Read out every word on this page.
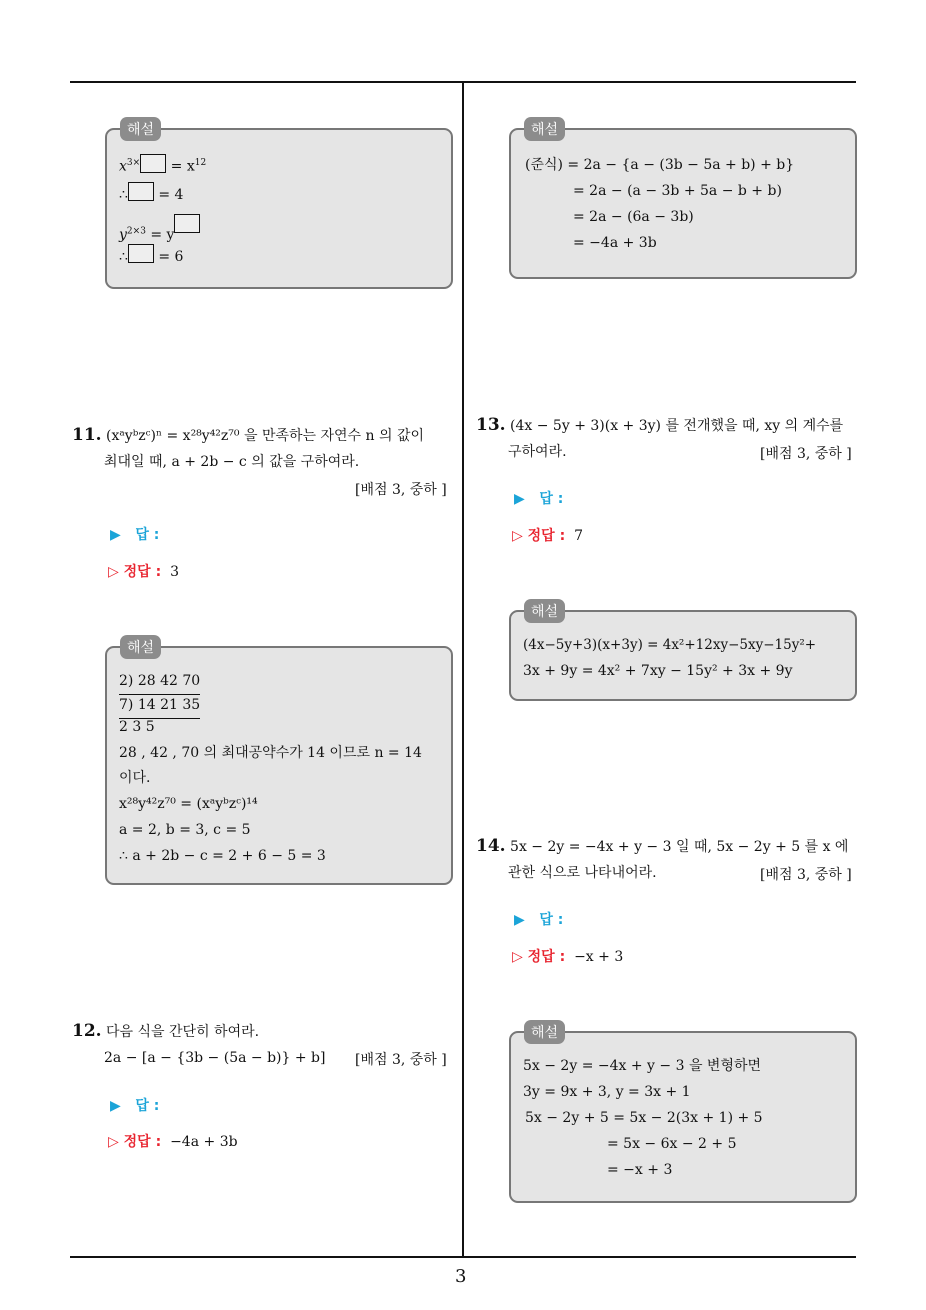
3
해설
$x^{3\times} = x^{12}$
∴ = 4
$y^{2\times 3} = y$
∴ = 6
11. (xᵃyᵇzᶜ)ⁿ = x²⁸y⁴²z⁷⁰ 을 만족하는 자연수 n 의 값이
최대일 때, a + 2b − c 의 값을 구하여라.
[배점 3, 중하 ]
▶   답 :
▷ 정답 : 3
해설
2) 28 42 70
7) 14 21 35
2 3 5
28 , 42 , 70 의 최대공약수가 14 이므로 n = 14
이다.
x²⁸y⁴²z⁷⁰ = (xᵃyᵇzᶜ)¹⁴
a = 2, b = 3, c = 5
∴ a + 2b − c = 2 + 6 − 5 = 3
12. 다음 식을 간단히 하여라.
2a − [a − {3b − (5a − b)} + b]	[배점 3, 중하 ]
▶   답 :
▷ 정답 : −4a + 3b
해설
(준식) = 2a − {a − (3b − 5a + b) + b}
= 2a − (a − 3b + 5a − b + b)
= 2a − (6a − 3b)
= −4a + 3b
13. (4x − 5y + 3)(x + 3y) 를 전개했을 때, xy 의 계수를
구하여라.	[배점 3, 중하 ]
▶   답 :
▷ 정답 : 7
해설
(4x−5y+3)(x+3y) = 4x²+12xy−5xy−15y²+
3x + 9y = 4x² + 7xy − 15y² + 3x + 9y
14. 5x − 2y = −4x + y − 3 일 때, 5x − 2y + 5 를 x 에
관한 식으로 나타내어라.	[배점 3, 중하 ]
▶   답 :
▷ 정답 : −x + 3
해설
5x − 2y = −4x + y − 3 을 변형하면
3y = 9x + 3, y = 3x + 1
5x − 2y + 5 = 5x − 2(3x + 1) + 5
= 5x − 6x − 2 + 5
= −x + 3
